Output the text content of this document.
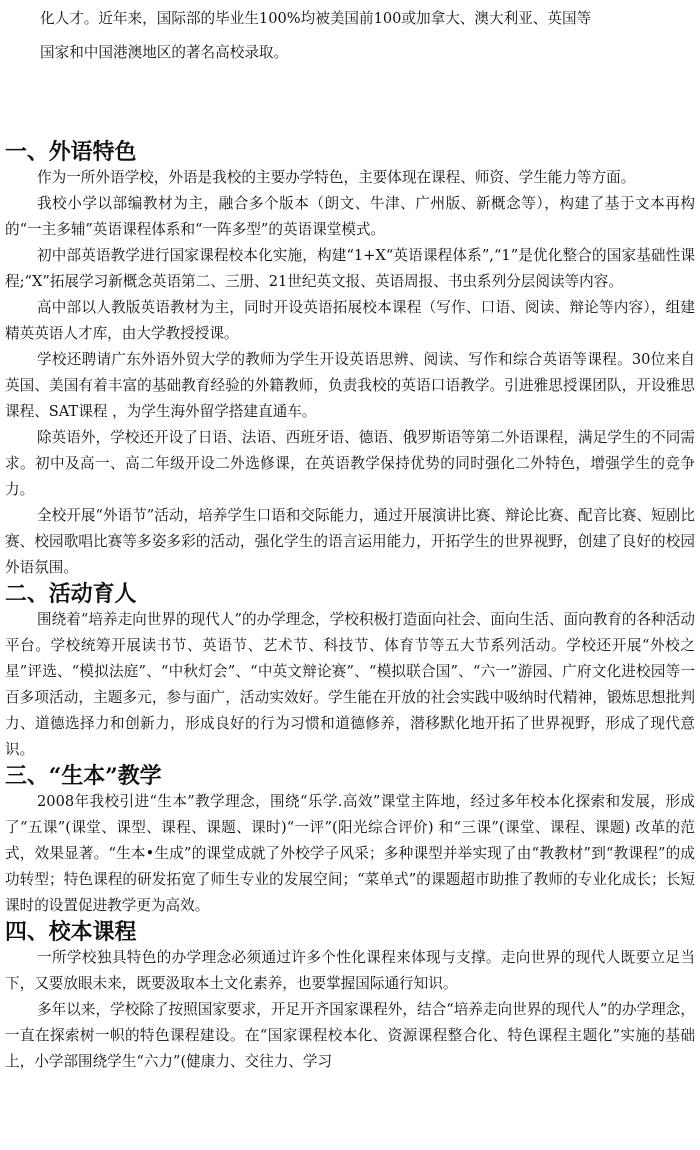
化人才。近年来，国际部的毕业生100%均被美国前100或加拿大、澳大利亚、英国等

国家和中国港澳地区的著名高校录取。

一、外语特色

作为一所外语学校，外语是我校的主要办学特色，主要体现在课程、师资、学生能力等方面。

我校小学以部编教材为主，融合多个版本（朗文、牛津、广州版、新概念等），构建了基于文本再构的“一主多辅”英语课程体系和“一阵多型”的英语课堂模式。

初中部英语教学进行国家课程校本化实施，构建“1+X“英语课程体系”,“1”是优化整合的国家基础性课程;“X”拓展学习新概念英语第二、三册、21世纪英文报、英语周报、书虫系列分层阅读等内容。

高中部以人教版英语教材为主，同时开设英语拓展校本课程（写作、口语、阅读、辩论等内容），组建精英英语人才库，由大学教授授课。

学校还聘请广东外语外贸大学的教师为学生开设英语思辨、阅读、写作和综合英语等课程。30位来自英国、美国有着丰富的基础教育经验的外籍教师，负责我校的英语口语教学。引进雅思授课团队，开设雅思课程、SAT课程 ，为学生海外留学搭建直通车。

除英语外，学校还开设了日语、法语、西班牙语、德语、俄罗斯语等第二外语课程，满足学生的不同需求。初中及高一、高二年级开设二外选修课，在英语教学保持优势的同时强化二外特色，增强学生的竞争力。

全校开展“外语节”活动，培养学生口语和交际能力，通过开展演讲比赛、辩论比赛、配音比赛、短剧比赛、校园歌唱比赛等多姿多彩的活动，强化学生的语言运用能力，开拓学生的世界视野，创建了良好的校园外语氛围。

二、活动育人

围绕着“培养走向世界的现代人”的办学理念，学校积极打造面向社会、面向生活、面向教育的各种活动平台。学校统筹开展读书节、英语节、艺术节、科技节、体育节等五大节系列活动。学校还开展“外校之星”评选、“模拟法庭”、“中秋灯会”、“中英文辩论赛”、“模拟联合国”、“六一”游园、广府文化进校园等一百多项活动，主题多元，参与面广，活动实效好。学生能在开放的社会实践中吸纳时代精神，锻炼思想批判力、道德选择力和创新力，形成良好的行为习惯和道德修养，潜移默化地开拓了世界视野，形成了现代意识。

三、“生本”教学

2008年我校引进“生本”教学理念，围绕“乐学.高效”课堂主阵地，经过多年校本化探索和发展，形成了“五课”(课堂、课型、课程、课题、课时)“一评”(阳光综合评价) 和“三课”(课堂、课程、课题) 改革的范式，效果显著。“生本•生成”的课堂成就了外校学子风采；多种课型并举实现了由“教教材”到“教课程”的成功转型；特色课程的研发拓宽了师生专业的发展空间；“菜单式”的课题超市助推了教师的专业化成长；长短课时的设置促进教学更为高效。

四、校本课程

一所学校独具特色的办学理念必须通过许多个性化课程来体现与支撑。走向世界的现代人既要立足当下，又要放眼未来，既要汲取本土文化素养，也要掌握国际通行知识。

多年以来，学校除了按照国家要求，开足开齐国家课程外，结合“培养走向世界的现代人”的办学理念，一直在探索树一帜的特色课程建设。在“国家课程校本化、资源课程整合化、特色课程主题化”实施的基础上，小学部围绕学生“六力”(健康力、交往力、学习
